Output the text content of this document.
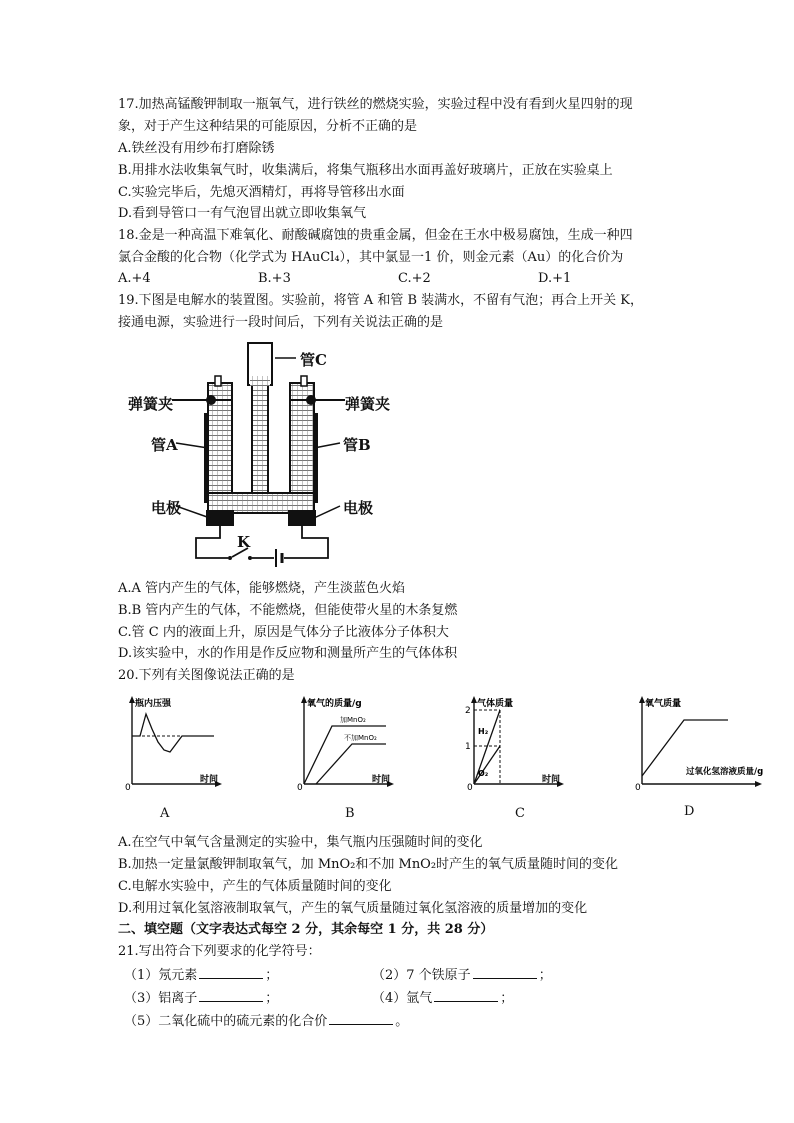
17.加热高锰酸钾制取一瓶氧气，进行铁丝的燃烧实验，实验过程中没有看到火星四射的现
象，对于产生这种结果的可能原因，分析不正确的是
A.铁丝没有用纱布打磨除锈
B.用排水法收集氧气时，收集满后，将集气瓶移出水面再盖好玻璃片，正放在实验桌上
C.实验完毕后，先熄灭酒精灯，再将导管移出水面
D.看到导管口一有气泡冒出就立即收集氧气
18.金是一种高温下难氧化、耐酸碱腐蚀的贵重金属，但金在王水中极易腐蚀，生成一种四
氯合金酸的化合物（化学式为 HAuCl₄），其中氯显一1 价，则金元素（Au）的化合价为
A.+4	B.+3	C.+2	D.+1
19.下图是电解水的装置图。实验前，将管 A 和管 B 装满水，不留有气泡；再合上开关 K，
接通电源，实验进行一段时间后，下列有关说法正确的是
管C
弹簧夹	弹簧夹
管A	管B
电极	电极
K
A.A 管内产生的气体，能够燃烧，产生淡蓝色火焰
B.B 管内产生的气体，不能燃烧，但能使带火星的木条复燃
C.管 C 内的液面上升，原因是气体分子比液体分子体积大
D.该实验中，水的作用是作反应物和测量所产生的气体体积
20.下列有关图像说法正确的是
0
瓶内压强
时间
A
0
氧气的质量/g
时间
加MnO₂
不加MnO₂
B
0
2
1
气体质量
时间
H₂
O₂
C
0
氧气质量
过氧化氢溶液质量/g
D
A.在空气中氧气含量测定的实验中，集气瓶内压强随时间的变化
B.加热一定量氯酸钾制取氧气，加 MnO₂和不加 MnO₂时产生的氧气质量随时间的变化
C.电解水实验中，产生的气体质量随时间的变化
D.利用过氧化氢溶液制取氧气，产生的氧气质量随过氧化氢溶液的质量增加的变化
二、填空题（文字表达式每空 2 分，其余每空 1 分，共 28 分）
21.写出符合下列要求的化学符号：
（1）氖元素	；	（2）7 个铁原子	；
（3）铝离子	；	（4）氩气	；
（5）二氧化硫中的硫元素的化合价	。
